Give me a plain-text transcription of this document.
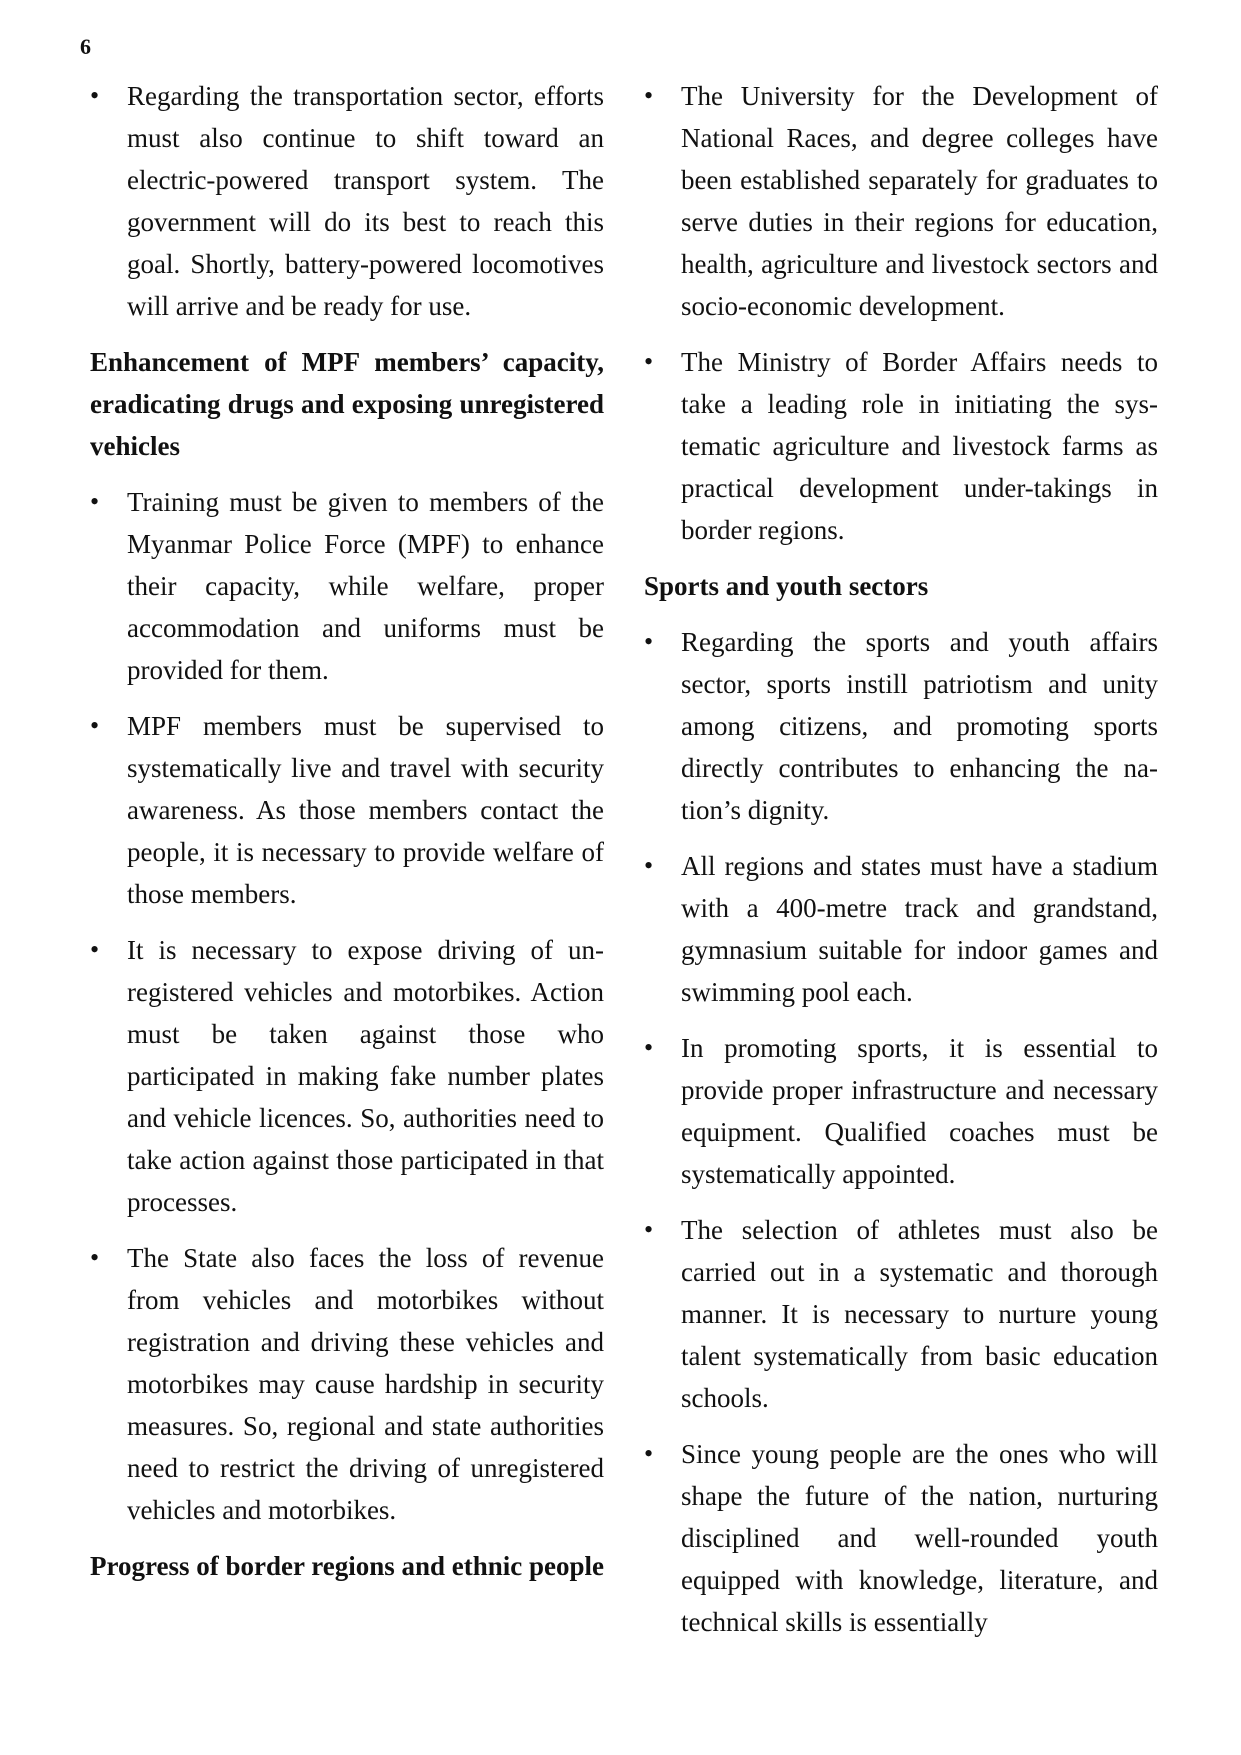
6

• Regarding the transportation sector, efforts must also continue to shift toward an electric-powered transport system. The government will do its best to reach this goal. Shortly, battery-powered locomotives will arrive and be ready for use.

Enhancement of MPF members’ capacity, eradicating drugs and exposing unregistered vehicles

• Training must be given to members of the Myanmar Police Force (MPF) to enhance their capacity, while welfare, proper accommodation and uniforms must be provided for them.

• MPF members must be supervised to systematically live and travel with security awareness. As those members contact the people, it is necessary to provide welfare of those members.

• It is necessary to expose driving of unregistered vehicles and motorbikes. Action must be taken against those who participated in making fake number plates and vehicle licences. So, authorities need to take action against those participated in that processes.

• The State also faces the loss of revenue from vehicles and motorbikes without registration and driving these vehicles and motorbikes may cause hardship in security measures. So, regional and state authorities need to restrict the driving of unregistered vehicles and motorbikes.

Progress of border regions and ethnic people

• The University for the Development of National Races, and degree colleges have been established separately for graduates to serve duties in their regions for education, health, agriculture and livestock sectors and socio-economic development.

• The Ministry of Border Affairs needs to take a leading role in initiating the systematic agriculture and livestock farms as practical development under-takings in border regions.

Sports and youth sectors

• Regarding the sports and youth affairs sector, sports instill patriotism and unity among citizens, and promoting sports directly contributes to enhancing the nation’s dignity.

• All regions and states must have a stadium with a 400-metre track and grandstand, gymnasium suitable for indoor games and swimming pool each.

• In promoting sports, it is essential to provide proper infrastructure and necessary equipment. Qualified coaches must be systematically appointed.

• The selection of athletes must also be carried out in a systematic and thorough manner. It is necessary to nurture young talent systematically from basic education schools.

• Since young people are the ones who will shape the future of the nation, nurturing disciplined and well-rounded youth equipped with knowledge, literature, and technical skills is essentially
